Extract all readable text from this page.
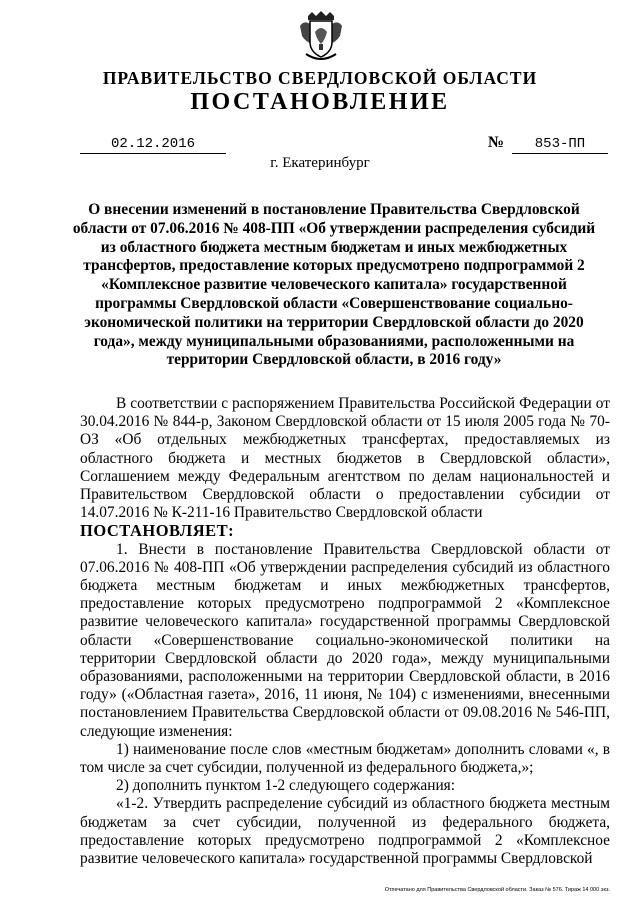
ПРАВИТЕЛЬСТВО СВЕРДЛОВСКОЙ ОБЛАСТИ
ПОСТАНОВЛЕНИЕ
02.12.2016	№	853-ПП
г. Екатеринбург
О внесении изменений в постановление Правительства Свердловской области от 07.06.2016 № 408-ПП «Об утверждении распределения субсидий из областного бюджета местным бюджетам и иных межбюджетных трансфертов, предоставление которых предусмотрено подпрограммой 2 «Комплексное развитие человеческого капитала» государственной программы Свердловской области «Совершенствование социально-экономической политики на территории Свердловской области до 2020 года», между муниципальными образованиями, расположенными на территории Свердловской области, в 2016 году»

В соответствии с распоряжением Правительства Российской Федерации от 30.04.2016 № 844-р, Законом Свердловской области от 15 июля 2005 года № 70-ОЗ «Об отдельных межбюджетных трансфертах, предоставляемых из областного бюджета и местных бюджетов в Свердловской области», Соглашением между Федеральным агентством по делам национальностей и Правительством Свердловской области о предоставлении субсидии от 14.07.2016 № К-211-16 Правительство Свердловской области

ПОСТАНОВЛЯЕТ:

1. Внести в постановление Правительства Свердловской области от 07.06.2016 № 408-ПП «Об утверждении распределения субсидий из областного бюджета местным бюджетам и иных межбюджетных трансфертов, предоставление которых предусмотрено подпрограммой 2 «Комплексное развитие человеческого капитала» государственной программы Свердловской области «Совершенствование социально-экономической политики на территории Свердловской области до 2020 года», между муниципальными образованиями, расположенными на территории Свердловской области, в 2016 году» («Областная газета», 2016, 11 июня, № 104) с изменениями, внесенными постановлением Правительства Свердловской области от 09.08.2016 № 546-ПП, следующие изменения:

1) наименование после слов «местным бюджетам» дополнить словами «, в том числе за счет субсидии, полученной из федерального бюджета,»;

2) дополнить пунктом 1-2 следующего содержания:

«1-2. Утвердить распределение субсидий из областного бюджета местным бюджетам за счет субсидии, полученной из федерального бюджета, предоставление которых предусмотрено подпрограммой 2 «Комплексное развитие человеческого капитала» государственной программы Свердловской

Отпечатано для Правительства Свердловской области. Заказ № 576. Тираж 14 000 экз.
